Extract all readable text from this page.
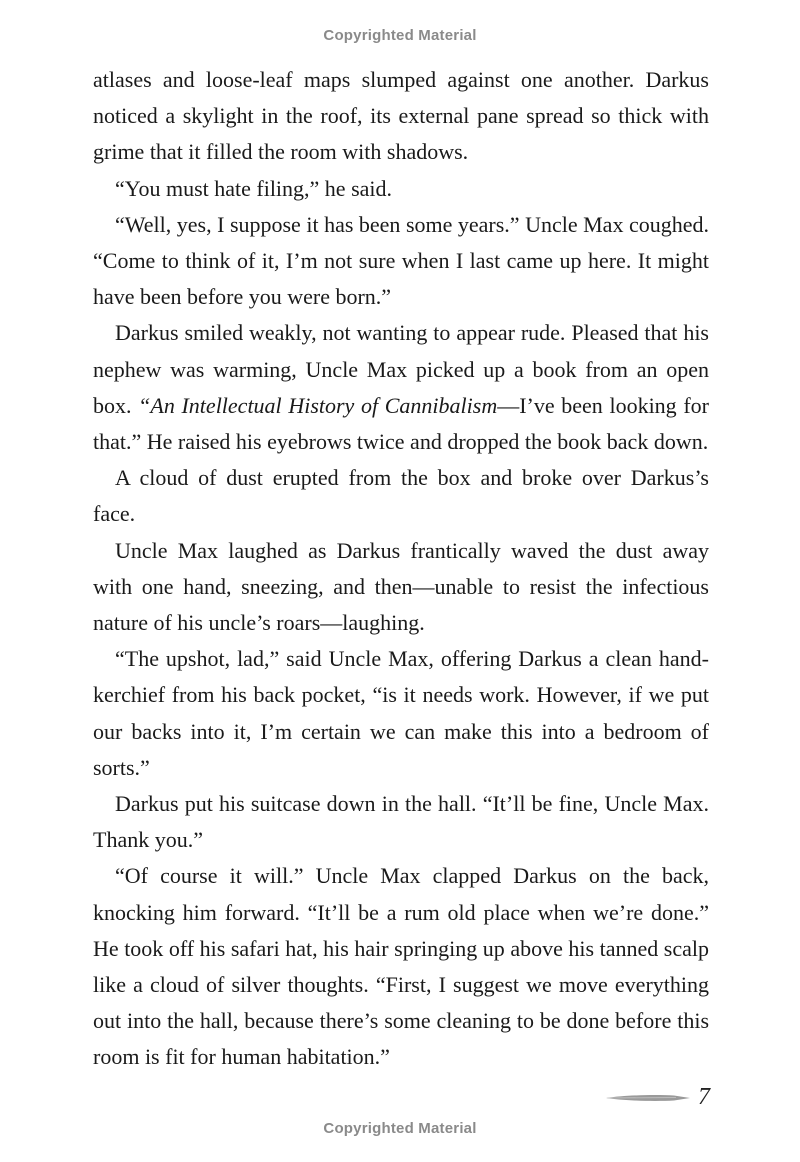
Copyrighted Material

atlases and loose-leaf maps slumped against one another. Darkus noticed a skylight in the roof, its external pane spread so thick with grime that it filled the room with shadows.

“You must hate filing,” he said.

“Well, yes, I suppose it has been some years.” Uncle Max coughed. “Come to think of it, I’m not sure when I last came up here. It might have been before you were born.”

Darkus smiled weakly, not wanting to appear rude. Pleased that his nephew was warming, Uncle Max picked up a book from an open box. “An Intellectual History of Cannibalism—I’ve been looking for that.” He raised his eyebrows twice and dropped the book back down.

A cloud of dust erupted from the box and broke over Darkus’s face.

Uncle Max laughed as Darkus frantically waved the dust away with one hand, sneezing, and then—unable to resist the infectious nature of his uncle’s roars—laughing.

“The upshot, lad,” said Uncle Max, offering Darkus a clean handkerchief from his back pocket, “is it needs work. However, if we put our backs into it, I’m certain we can make this into a bedroom of sorts.”

Darkus put his suitcase down in the hall. “It’ll be fine, Uncle Max. Thank you.”

“Of course it will.” Uncle Max clapped Darkus on the back, knocking him forward. “It’ll be a rum old place when we’re done.” He took off his safari hat, his hair springing up above his tanned scalp like a cloud of silver thoughts. “First, I suggest we move everything out into the hall, because there’s some cleaning to be done before this room is fit for human habitation.”

7
Copyrighted Material
